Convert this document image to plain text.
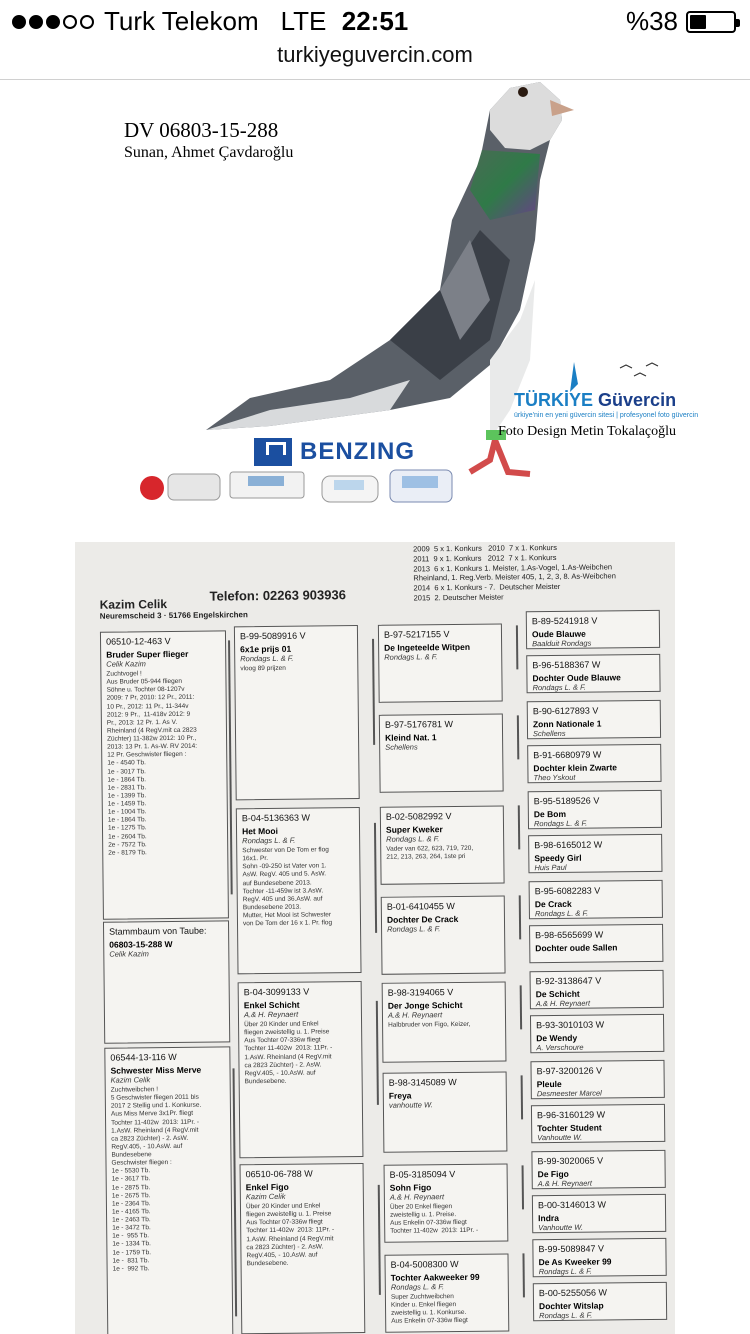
Turk Telekom LTE 22:51	%38
turkiyeguvercin.com
DV 06803-15-288
Sunan, Ahmet Çavdaroğlu
TÜRKİYE Güvercin
ürkiye'nin en yeni güvercin sitesi | profesyonel foto güvercin
Foto Design Metin Tokalaçoğlu
BENZING
2009  5 x 1. Konkurs   2010  7 x 1. Konkurs
2011  9 x 1. Konkurs   2012  7 x 1. Konkurs
2013  6 x 1. Konkurs 1. Meister, 1.As-Vogel, 1.As-Weibchen
Rheinland, 1. Reg.Verb. Meister 405, 1, 2, 3, 8. As-Weibchen
2014  6 x 1. Konkurs - 7.  Deutscher Meister
2015  2. Deutscher Meister
Kazim Celik
Telefon: 02263 903936
Neuremscheid 3 · 51766 Engelskirchen
06510-12-463 V
Bruder Super flieger
Celik Kazim
Zuchtvogel !
Aus Bruder 05-944 fliegen
Söhne u. Tochter 08-1207v
2009: 7 Pr, 2010: 12 Pr., 2011:
10 Pr., 2012: 11 Pr., 11-344v
2012: 9 Pr.,  11-418v 2012: 9
Pr., 2013: 12 Pr. 1. As V.
Rheinland (4 RegV.mit ca 2823
Züchter) 11-382w 2012: 10 Pr.,
2013: 13 Pr. 1. As-W. RV 2014:
12 Pr. Geschwister fliegen :
1e - 4540 Tb.
1e - 3017 Tb.
1e - 1864 Tb.
1e - 2831 Tb.
1e - 1399 Tb.
1e - 1459 Tb.
1e - 1004 Tb.
1e - 1864 Tb.
1e - 1275 Tb.
1e - 2604 Tb.
2e - 7572 Tb.
2e - 8179 Tb.
Stammbaum von Taube:
06803-15-288 W
Celik Kazim
06544-13-116 W
Schwester Miss Merve
Kazim Celik
Zuchtweibchen !
5 Geschwister fliegen 2011 bis
2017 2 Stellig und 1. Konkurse.
Aus Miss Merve 3x1Pr. fliegt
Tochter 11-402w  2013: 11Pr. -
1.AsW. Rheinland (4 RegV.mit
ca 2823 Züchter) - 2. AsW.
RegV.405, - 10.AsW. auf
Bundesebene
Geschwister fliegen :
1e - 5530 Tb.
1e - 3617 Tb.
1e - 2875 Tb.
1e - 2675 Tb.
1e - 2364 Tb.
1e - 4165 Tb.
1e - 2463 Tb.
1e - 3472 Tb.
1e -  955 Tb.
1e - 1334 Tb.
1e - 1759 Tb.
1e -  831 Tb.
1e -  992 Tb.
B-99-5089916 V
6x1e prijs 01
Rondags L. & F.
vloog 89 prijzen
B-04-5136363 W
Het Mooi
Rondags L. & F.
Schwester von De Tom er flog
16x1. Pr.
Sohn -09-250 ist Vater von 1.
AsW. RegV. 405 und 5. AsW.
auf Bundesebene 2013.
Tochter -11-459w ist 3.AsW.
RegV. 405 und 36.AsW. auf
Bundesebene 2013.
Mutter, Het Mooi ist Schwester
von De Tom der 16 x 1. Pr. flog
B-04-3099133 V
Enkel Schicht
A.& H. Reynaert
Über 20 Kinder und Enkel
fliegen zweistellig u. 1. Preise
Aus Tochter 07-336w fliegt
Tochter 11-402w  2013: 11Pr. -
1.AsW. Rheinland (4 RegV.mit
ca 2823 Züchter) - 2. AsW.
RegV.405, - 10.AsW. auf
Bundesebene.
06510-06-788 W
Enkel Figo
Kazim Celik
Über 20 Kinder und Enkel
fliegen zweistellig u. 1. Preise
Aus Tochter 07-336w fliegt
Tochter 11-402w  2013: 11Pr. -
1.AsW. Rheinland (4 RegV.mit
ca 2823 Züchter) - 2. AsW.
RegV.405, - 10.AsW. auf
Bundesebene.
B-97-5217155 V
De Ingeteelde Witpen
Rondags L. & F.
B-97-5176781 W
Kleind Nat. 1
Schellens
B-02-5082992 V
Super Kweker
Rondags L. & F.
Vader van 622, 623, 719, 720,
212, 213, 263, 264, 1ste pri
B-01-6410455 W
Dochter De Crack
Rondags L. & F.
B-98-3194065 V
Der Jonge Schicht
A.& H. Reynaert
Halbbruder von Figo, Keizer,
B-98-3145089 W
Freya
vanhoutte W.
B-05-3185094 V
Sohn Figo
A.& H. Reynaert
Über 20 Enkel fliegen
zweistellig u. 1. Preise.
Aus Enkelin 07-336w fliegt
Tochter 11-402w  2013: 11Pr. -
B-04-5008300 W
Tochter Aakweeker 99
Rondags L. & F.
Super Zuchtweibchen
Kinder u. Enkel fliegen
zweistellig u. 1. Konkurse.
Aus Enkelin 07-336w fliegt
B-89-5241918 V
Oude Blauwe
Baalduit Rondags
B-96-5188367 W
Dochter Oude Blauwe
Rondags L. & F.
B-90-6127893 V
Zonn Nationale 1
Schellens
B-91-6680979 W
Dochter klein Zwarte
Theo Yskout
B-95-5189526 V
De Bom
Rondags L. & F.
B-98-6165012 W
Speedy Girl
Huis Paul
B-95-6082283 V
De Crack
Rondags L. & F.
B-98-6565699 W
Dochter oude Sallen
B-92-3138647 V
De Schicht
A.& H. Reynaert
B-93-3010103 W
De Wendy
A. Verschoure
B-97-3200126 V
Pleule
Desmeester Marcel
B-96-3160129 W
Tochter Student
Vanhoutte W.
B-99-3020065 V
De Figo
A.& H. Reynaert
B-00-3146013 W
Indra
Vanhoutte W.
B-99-5089847 V
De As Kweeker 99
Rondags L. & F.
B-00-5255056 W
Dochter Witslap
Rondags L. & F.
